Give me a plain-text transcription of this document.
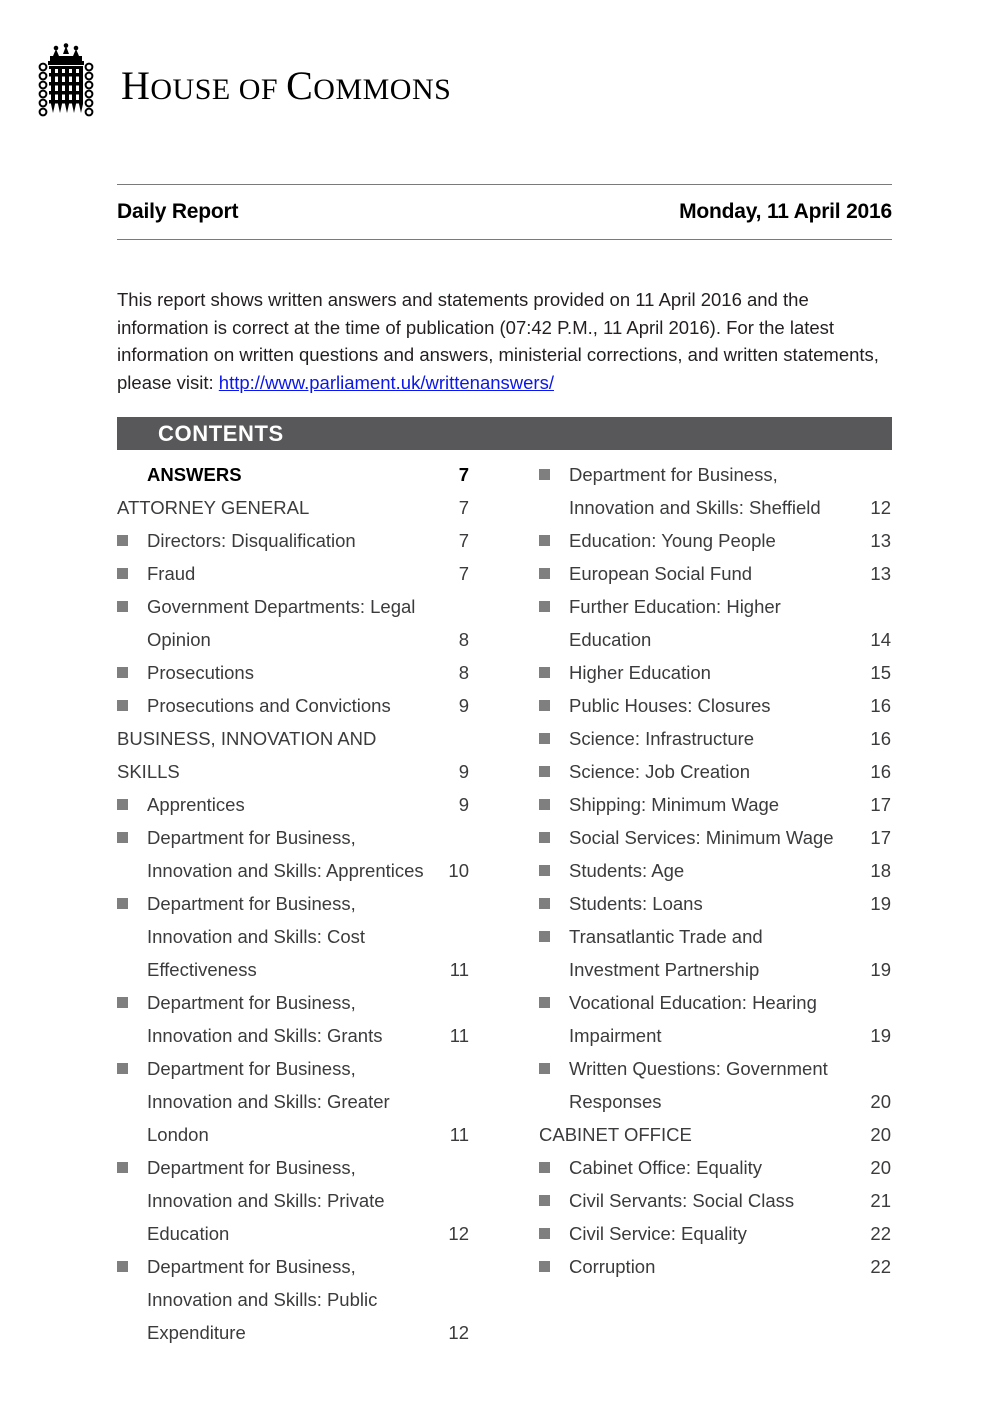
HOUSE OF COMMONS
Daily Report	Monday, 11 April 2016
This report shows written answers and statements provided on 11 April 2016 and the information is correct at the time of publication (07:42 P.M., 11 April 2016). For the latest information on written questions and answers, ministerial corrections, and written statements, please visit: http://www.parliament.uk/writtenanswers/
CONTENTS
ANSWERS	7
ATTORNEY GENERAL	7
Directors: Disqualification	7
Fraud	7
Government Departments: Legal Opinion	8
Prosecutions	8
Prosecutions and Convictions	9
BUSINESS, INNOVATION AND SKILLS	9
Apprentices	9
Department for Business, Innovation and Skills: Apprentices	10
Department for Business, Innovation and Skills: Cost Effectiveness	11
Department for Business, Innovation and Skills: Grants	11
Department for Business, Innovation and Skills: Greater London	11
Department for Business, Innovation and Skills: Private Education	12
Department for Business, Innovation and Skills: Public Expenditure	12
Department for Business, Innovation and Skills: Sheffield	12
Education: Young People	13
European Social Fund	13
Further Education: Higher Education	14
Higher Education	15
Public Houses: Closures	16
Science: Infrastructure	16
Science: Job Creation	16
Shipping: Minimum Wage	17
Social Services: Minimum Wage	17
Students: Age	18
Students: Loans	19
Transatlantic Trade and Investment Partnership	19
Vocational Education: Hearing Impairment	19
Written Questions: Government Responses	20
CABINET OFFICE	20
Cabinet Office: Equality	20
Civil Servants: Social Class	21
Civil Service: Equality	22
Corruption	22
